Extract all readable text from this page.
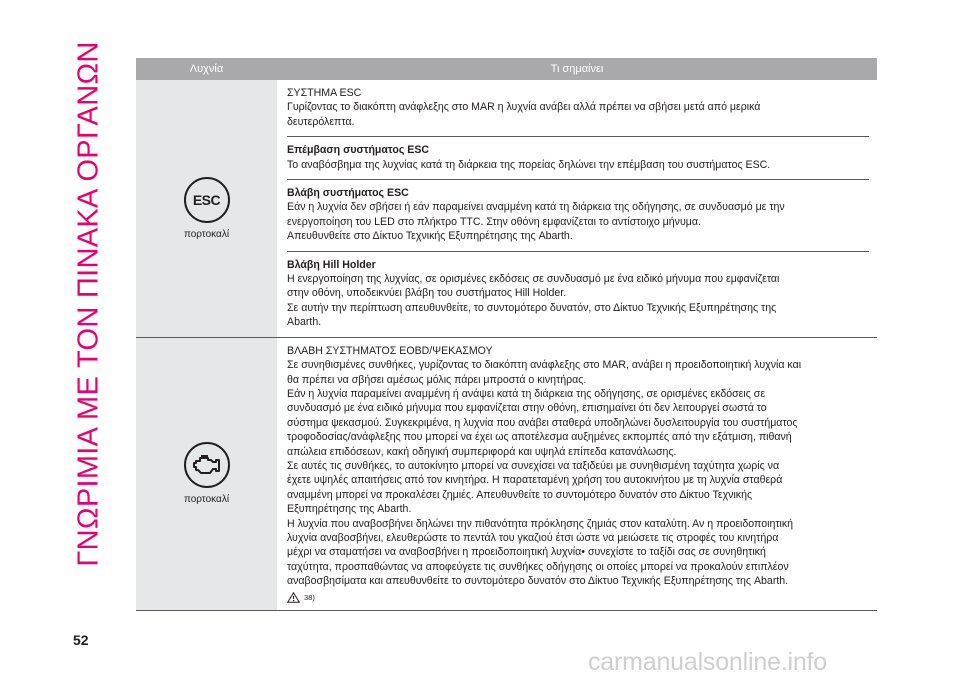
ΓΝΩΡΙΜΙΑ ΜΕ ΤΟΝ ΠΙΝΑΚΑ ΟΡΓΑΝΩΝ	Λυχνία	Τι σημαίνει
ESC
πορτοκαλί
ΣΥΣΤΗΜΑ ESC
Γυρίζοντας το διακόπτη ανάφλεξης στο MAR η λυχνία ανάβει αλλά πρέπει να σβήσει μετά από μερικά
δευτερόλεπτα.
Επέμβαση συστήματος ESC
Το αναβόσβημα της λυχνίας κατά τη διάρκεια της πορείας δηλώνει την επέμβαση του συστήματος ESC.
Βλάβη συστήματος ESC
Εάν η λυχνία δεν σβήσει ή εάν παραμείνει αναμμένη κατά τη διάρκεια της οδήγησης, σε συνδυασμό με την
ενεργοποίηση του LED στο πλήκτρο TTC. Στην οθόνη εμφανίζεται το αντίστοιχο μήνυμα.
Απευθυνθείτε στο Δίκτυο Τεχνικής Εξυπηρέτησης της Abarth.
Βλάβη Hill Holder
Η ενεργοποίηση της λυχνίας, σε ορισμένες εκδόσεις σε συνδυασμό με ένα ειδικό μήνυμα που εμφανίζεται
στην οθόνη, υποδεικνύει βλάβη του συστήματος Hill Holder.
Σε αυτήν την περίπτωση απευθυνθείτε, το συντομότερο δυνατόν, στο Δίκτυο Τεχνικής Εξυπηρέτησης της
Abarth.
πορτοκαλί
ΒΛΑΒΗ ΣΥΣΤΗΜΑΤΟΣ EOBD/ΨΕΚΑΣΜΟΥ
Σε συνηθισμένες συνθήκες, γυρίζοντας το διακόπτη ανάφλεξης στο MAR, ανάβει η προειδοποιητική λυχνία και
θα πρέπει να σβήσει αμέσως μόλις πάρει μπροστά ο κινητήρας.
Εάν η λυχνία παραμείνει αναμμένη ή ανάψει κατά τη διάρκεια της οδήγησης, σε ορισμένες εκδόσεις σε
συνδυασμό με ένα ειδικό μήνυμα που εμφανίζεται στην οθόνη, επισημαίνει ότι δεν λειτουργεί σωστά το
σύστημα ψεκασμού. Συγκεκριμένα, η λυχνία που ανάβει σταθερά υποδηλώνει δυσλειτουργία του συστήματος
τροφοδοσίας/ανάφλεξης που μπορεί να έχει ως αποτέλεσμα αυξημένες εκπομπές από την εξάτμιση, πιθανή
απώλεια επιδόσεων, κακή οδηγική συμπεριφορά και υψηλά επίπεδα κατανάλωσης.
Σε αυτές τις συνθήκες, το αυτοκίνητο μπορεί να συνεχίσει να ταξιδεύει με συνηθισμένη ταχύτητα χωρίς να
έχετε υψηλές απαιτήσεις από τον κινητήρα. Η παρατεταμένη χρήση του αυτοκινήτου με τη λυχνία σταθερά
αναμμένη μπορεί να προκαλέσει ζημιές. Απευθυνθείτε το συντομότερο δυνατόν στο Δίκτυο Τεχνικής
Εξυπηρέτησης της Abarth.
Η λυχνία που αναβοσβήνει δηλώνει την πιθανότητα πρόκλησης ζημιάς στον καταλύτη. Αν η προειδοποιητική
λυχνία αναβοσβήνει, ελευθερώστε το πεντάλ του γκαζιού έτσι ώστε να μειώσετε τις στροφές του κινητήρα
μέχρι να σταματήσει να αναβοσβήνει η προειδοποιητική λυχνία• συνεχίστε το ταξίδι σας σε συνηθητική
ταχύτητα, προσπαθώντας να αποφεύγετε τις συνθήκες οδήγησης οι οποίες μπορεί να προκαλούν επιπλέον
αναβοσβησίματα και απευθυνθείτε το συντομότερο δυνατόν στο Δίκτυο Τεχνικής Εξυπηρέτησης της Abarth.
38)
52
carmanualsonline.info
